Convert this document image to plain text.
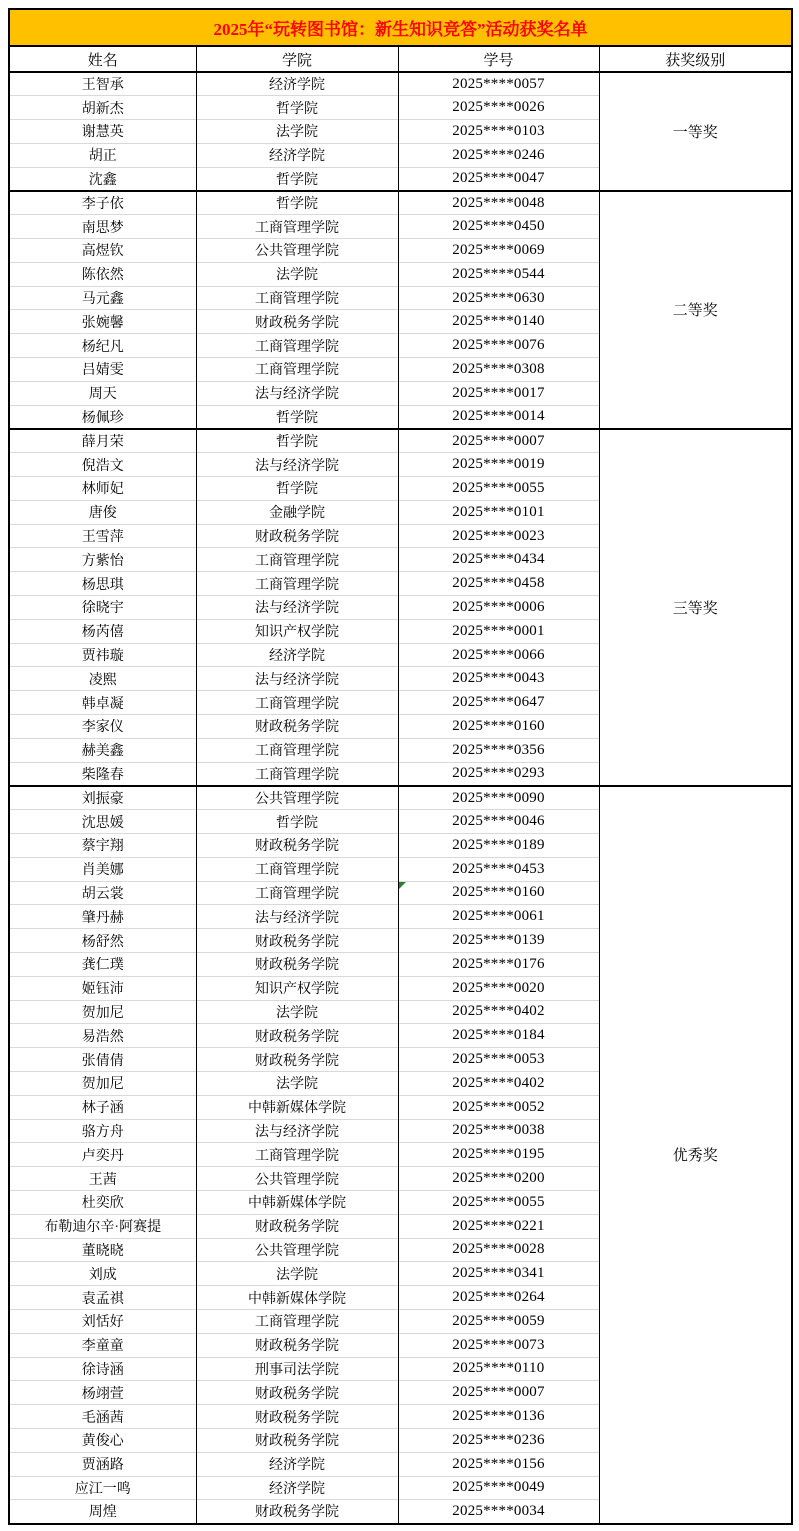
2025年“玩转图书馆：新生知识竞答”活动获奖名单			
姓名	学院	学号	获奖级别
王智承	经济学院	2025****0057	一等奖
胡新杰	哲学院	2025****0026	
谢慧英	法学院	2025****0103	
胡正	经济学院	2025****0246	
沈鑫	哲学院	2025****0047	
李子依	哲学院	2025****0048	二等奖
南思梦	工商管理学院	2025****0450	
高煜钦	公共管理学院	2025****0069	
陈依然	法学院	2025****0544	
马元鑫	工商管理学院	2025****0630	
张婉馨	财政税务学院	2025****0140	
杨纪凡	工商管理学院	2025****0076	
吕婧雯	工商管理学院	2025****0308	
周天	法与经济学院	2025****0017	
杨佩珍	哲学院	2025****0014	
薛月荣	哲学院	2025****0007	三等奖
倪浩文	法与经济学院	2025****0019	
林师妃	哲学院	2025****0055	
唐俊	金融学院	2025****0101	
王雪萍	财政税务学院	2025****0023	
方紫怡	工商管理学院	2025****0434	
杨思琪	工商管理学院	2025****0458	
徐晓宇	法与经济学院	2025****0006	
杨芮僖	知识产权学院	2025****0001	
贾祎璇	经济学院	2025****0066	
凌熙	法与经济学院	2025****0043	
韩卓凝	工商管理学院	2025****0647	
李家仪	财政税务学院	2025****0160	
赫美鑫	工商管理学院	2025****0356	
柴隆春	工商管理学院	2025****0293	
刘振豪	公共管理学院	2025****0090	优秀奖
沈思媛	哲学院	2025****0046	
蔡宇翔	财政税务学院	2025****0189	
肖美娜	工商管理学院	2025****0453	
胡云裳	工商管理学院	2025****0160	

肇丹赫	法与经济学院	2025****0061	
杨舒然	财政税务学院	2025****0139	
龚仁璞	财政税务学院	2025****0176	
姬钰沛	知识产权学院	2025****0020	
贺加尼	法学院	2025****0402	
易浩然	财政税务学院	2025****0184	
张倩倩	财政税务学院	2025****0053	
贺加尼	法学院	2025****0402	
林子涵	中韩新媒体学院	2025****0052	
骆方舟	法与经济学院	2025****0038	
卢奕丹	工商管理学院	2025****0195	
王茜	公共管理学院	2025****0200	
杜奕欣	中韩新媒体学院	2025****0055	
布勒迪尔辛·阿赛提	财政税务学院	2025****0221	
董晓晓	公共管理学院	2025****0028	
刘成	法学院	2025****0341	
袁孟祺	中韩新媒体学院	2025****0264	
刘恬好	工商管理学院	2025****0059	
李童童	财政税务学院	2025****0073	
徐诗涵	刑事司法学院	2025****0110	
杨翊萱	财政税务学院	2025****0007	
毛涵茜	财政税务学院	2025****0136	
黄俊心	财政税务学院	2025****0236	
贾涵路	经济学院	2025****0156	
应江一鸣	经济学院	2025****0049	
周煌	财政税务学院	2025****0034	
